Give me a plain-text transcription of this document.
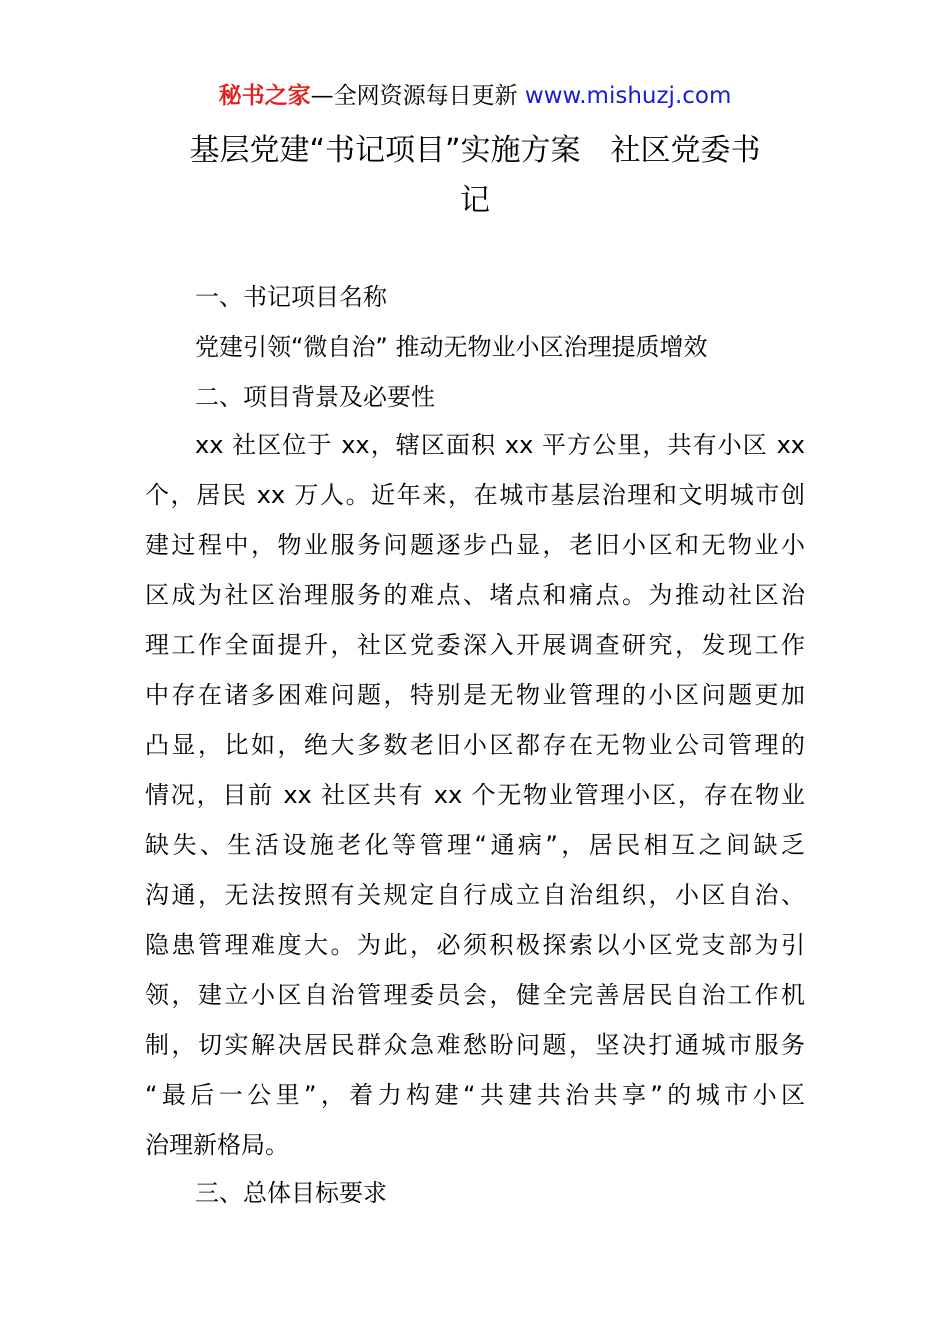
秘书之家—全网资源每日更新 www.mishuzj.com
基层党建“书记项目”实施方案　社区党委书
记
一、书记项目名称
党建引领“微自治” 推动无物业小区治理提质增效
二、项目背景及必要性
xx 社区位于 xx，辖区面积 xx 平方公里，共有小区 xx
个，居民 xx 万人。近年来，在城市基层治理和文明城市创
建过程中，物业服务问题逐步凸显，老旧小区和无物业小
区成为社区治理服务的难点、堵点和痛点。为推动社区治
理工作全面提升，社区党委深入开展调查研究，发现工作
中存在诸多困难问题，特别是无物业管理的小区问题更加
凸显，比如，绝大多数老旧小区都存在无物业公司管理的
情况，目前 xx 社区共有 xx 个无物业管理小区，存在物业
缺失、生活设施老化等管理“通病”，居民相互之间缺乏
沟通，无法按照有关规定自行成立自治组织，小区自治、
隐患管理难度大。为此，必须积极探索以小区党支部为引
领，建立小区自治管理委员会，健全完善居民自治工作机
制，切实解决居民群众急难愁盼问题，坚决打通城市服务
“最后一公里”，着力构建“共建共治共享”的城市小区
治理新格局。
三、总体目标要求
